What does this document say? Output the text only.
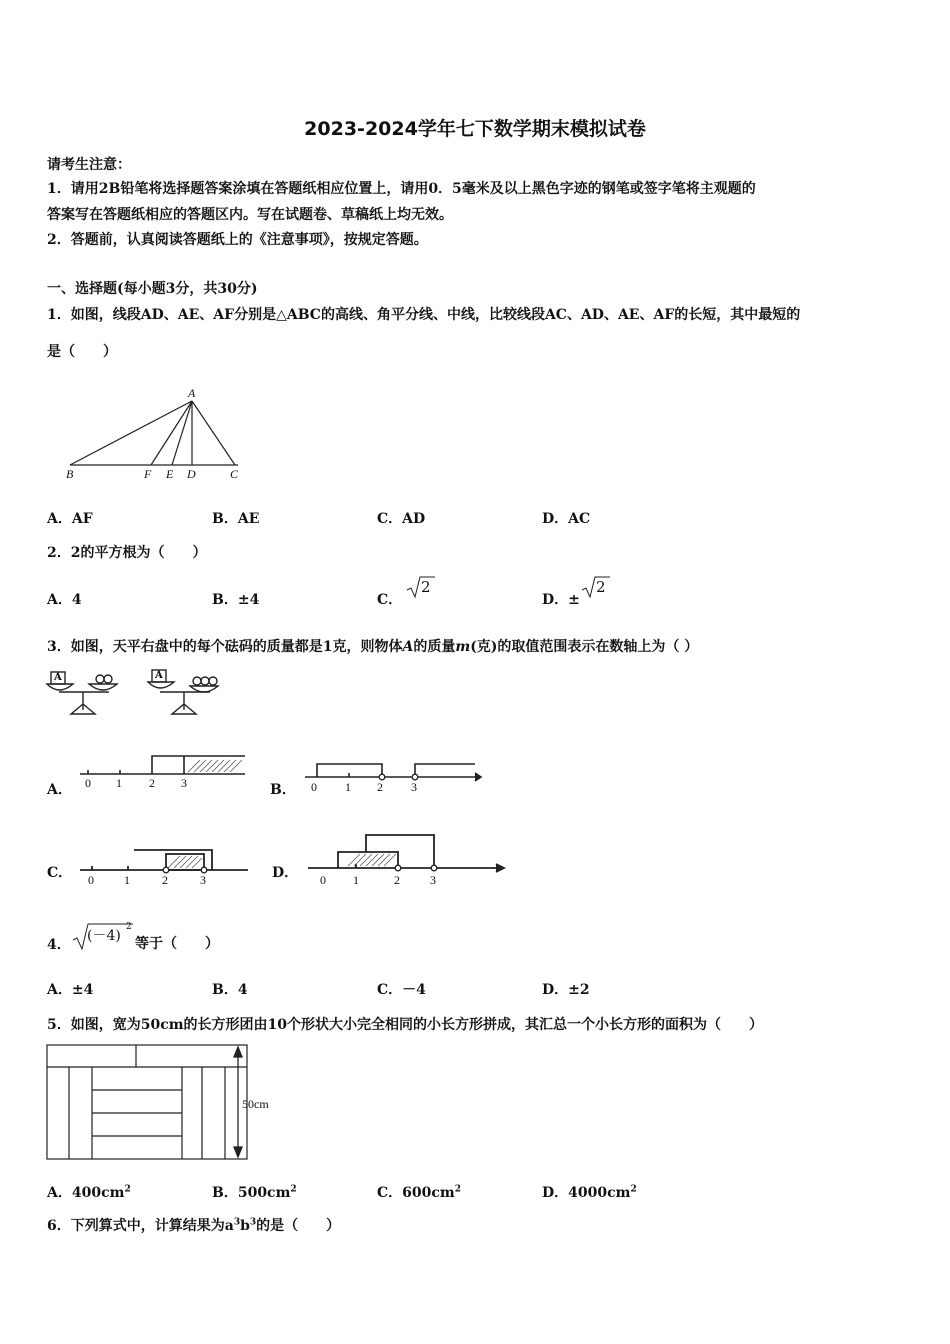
2023-2024学年七下数学期末模拟试卷
请考生注意：
1．请用2B铅笔将选择题答案涂填在答题纸相应位置上，请用0．5毫米及以上黑色字迹的钢笔或签字笔将主观题的
答案写在答题纸相应的答题区内。写在试题卷、草稿纸上均无效。
2．答题前，认真阅读答题纸上的《注意事项》，按规定答题。
一、选择题(每小题3分，共30分)
1．如图，线段AD、AE、AF分别是△ABC的高线、角平分线、中线，比较线段AC、AD、AE、AF的长短，其中最短的
是（　　）
A
B	F E D	C
A．AF	B．AE	C．AD	D．AC
2．2的平方根为（　　）
A．4	B．±4	C．
2
D．±
2
3．如图，天平右盘中的每个砝码的质量都是1克，则物体A的质量m(克)的取值范围表示在数轴上为（ ）
A	A
A． 0 1 2 3	B． 0 1 2 3
C． 0	1	2	3	D． 0 1	2	3
4．
(－4)
2
等于（　　）
A．±4	B．4	C．－4	D．±2
5．如图，宽为50cm的长方形团由10个形状大小完全相同的小长方形拼成，其汇总一个小长方形的面积为（　　）
50cm
A．$400cm^2$	B．$500cm^2$	C．$600cm^2$	D．$4000cm^2$
6．下列算式中，计算结果为$a^3b^3$的是（　　）
